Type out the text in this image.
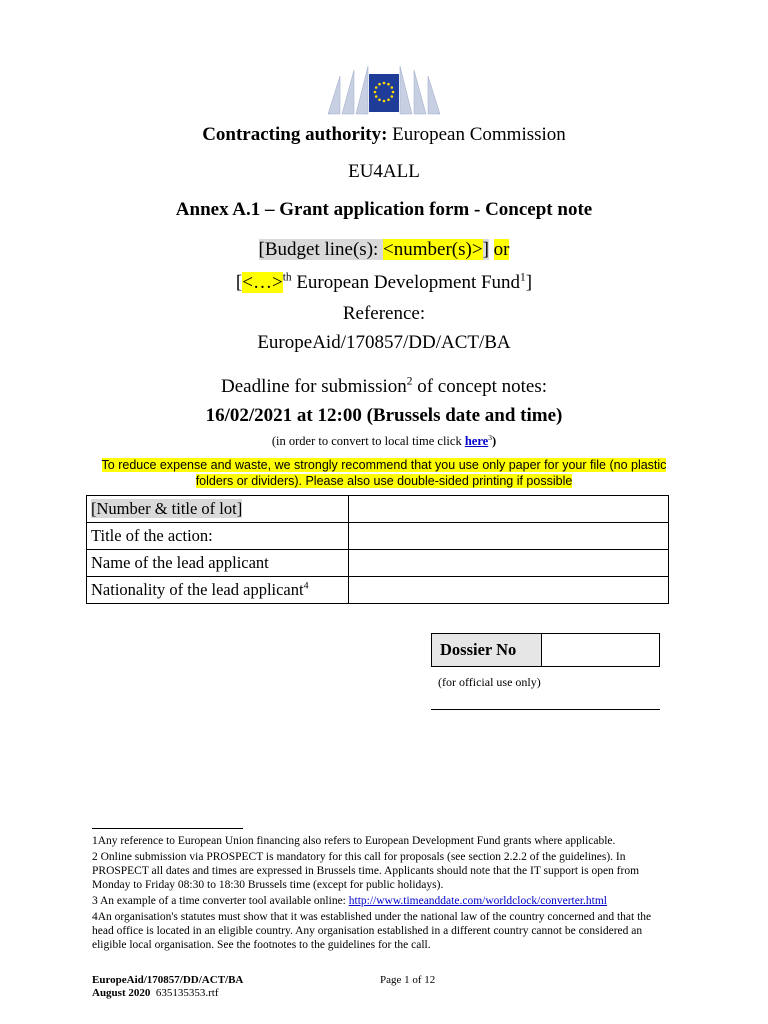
Contracting authority: European Commission
EU4ALL
Annex A.1 – Grant application form - Concept note
[Budget line(s): <number(s)>] or
[<…>$^{th}$ European Development Fund$^1$]
Reference:
EuropeAid/170857/DD/ACT/BA
Deadline for submission$^2$ of concept notes:
16/02/2021 at 12:00 (Brussels date and time)
(in order to convert to local time click here$^3$)
To reduce expense and waste, we strongly recommend that you use only paper for your file (no plastic folders or dividers). Please also use double-sided printing if possible
[Number & title of lot]	
Title of the action:	
Name of the lead applicant	
Nationality of the lead applicant$^4$	
Dossier No	
(for official use only)

1Any reference to European Union financing also refers to European Development Fund grants where applicable.

2 Online submission via PROSPECT is mandatory for this call for proposals (see section 2.2.2 of the guidelines). In PROSPECT all dates and times are expressed in Brussels time. Applicants should note that the IT support is open from Monday to Friday 08:30 to 18:30 Brussels time (except for public holidays).

3 An example of a time converter tool available online: http://www.timeanddate.com/worldclock/converter.html

4An organisation's statutes must show that it was established under the national law of the country concerned and that the head office is located in an eligible country. Any organisation established in a different country cannot be considered an eligible local organisation. See the footnotes to the guidelines for the call.

EuropeAid/170857/DD/ACT/BA
August 2020 635135353.rtf
Page 1 of 12
